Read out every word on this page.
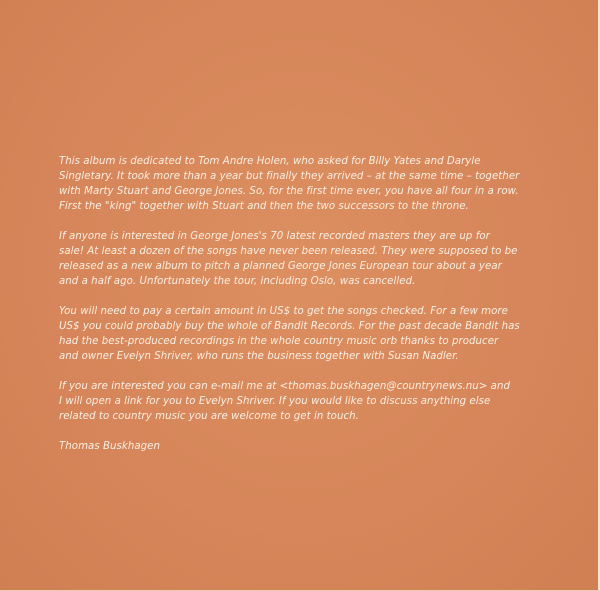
This album is dedicated to Tom Andre Holen, who asked for Billy Yates and Daryle
Singletary. It took more than a year but finally they arrived – at the same time – together
with Marty Stuart and George Jones. So, for the first time ever, you have all four in a row.
First the "king" together with Stuart and then the two successors to the throne.

If anyone is interested in George Jones's 70 latest recorded masters they are up for
sale! At least a dozen of the songs have never been released. They were supposed to be
released as a new album to pitch a planned George Jones European tour about a year
and a half ago. Unfortunately the tour, including Oslo, was cancelled.

You will need to pay a certain amount in US$ to get the songs checked. For a few more
US$ you could probably buy the whole of Bandit Records. For the past decade Bandit has
had the best-produced recordings in the whole country music orb thanks to producer
and owner Evelyn Shriver, who runs the business together with Susan Nadler.

If you are interested you can e-mail me at <thomas.buskhagen@countrynews.nu> and
I will open a link for you to Evelyn Shriver. If you would like to discuss anything else
related to country music you are welcome to get in touch.

Thomas Buskhagen
